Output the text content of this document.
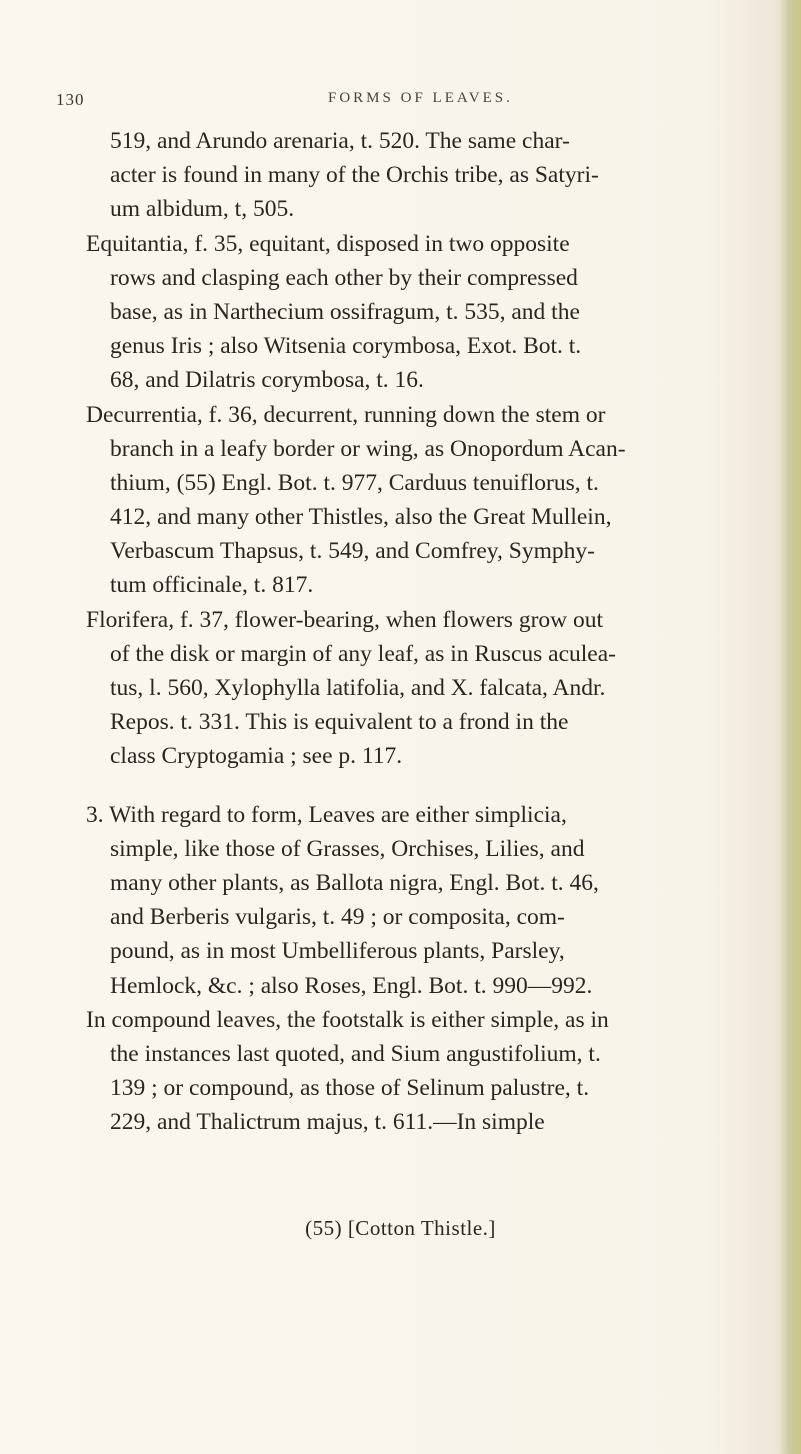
130	FORMS OF LEAVES.
519, and Arundo arenaria, t. 520. The same char-
acter is found in many of the Orchis tribe, as Satyri-
um albidum, t, 505.
Equitantia, f. 35, equitant, disposed in two opposite
rows and clasping each other by their compressed
base, as in Narthecium ossifragum, t. 535, and the
genus Iris ; also Witsenia corymbosa, Exot. Bot. t.
68, and Dilatris corymbosa, t. 16.
Decurrentia, f. 36, decurrent, running down the stem or
branch in a leafy border or wing, as Onopordum Acan-
thium, (55) Engl. Bot. t. 977, Carduus tenuiflorus, t.
412, and many other Thistles, also the Great Mullein,
Verbascum Thapsus, t. 549, and Comfrey, Symphy-
tum officinale, t. 817.
Florifera, f. 37, flower-bearing, when flowers grow out
of the disk or margin of any leaf, as in Ruscus aculea-
tus, l. 560, Xylophylla latifolia, and X. falcata, Andr.
Repos. t. 331. This is equivalent to a frond in the
class Cryptogamia ; see p. 117.
3. With regard to form, Leaves are either simplicia,
simple, like those of Grasses, Orchises, Lilies, and
many other plants, as Ballota nigra, Engl. Bot. t. 46,
and Berberis vulgaris, t. 49 ; or composita, com-
pound, as in most Umbelliferous plants, Parsley,
Hemlock, &c. ; also Roses, Engl. Bot. t. 990—992.
In compound leaves, the footstalk is either simple, as in
the instances last quoted, and Sium angustifolium, t.
139 ; or compound, as those of Selinum palustre, t.
229, and Thalictrum majus, t. 611.—In simple
(55) [Cotton Thistle.]
